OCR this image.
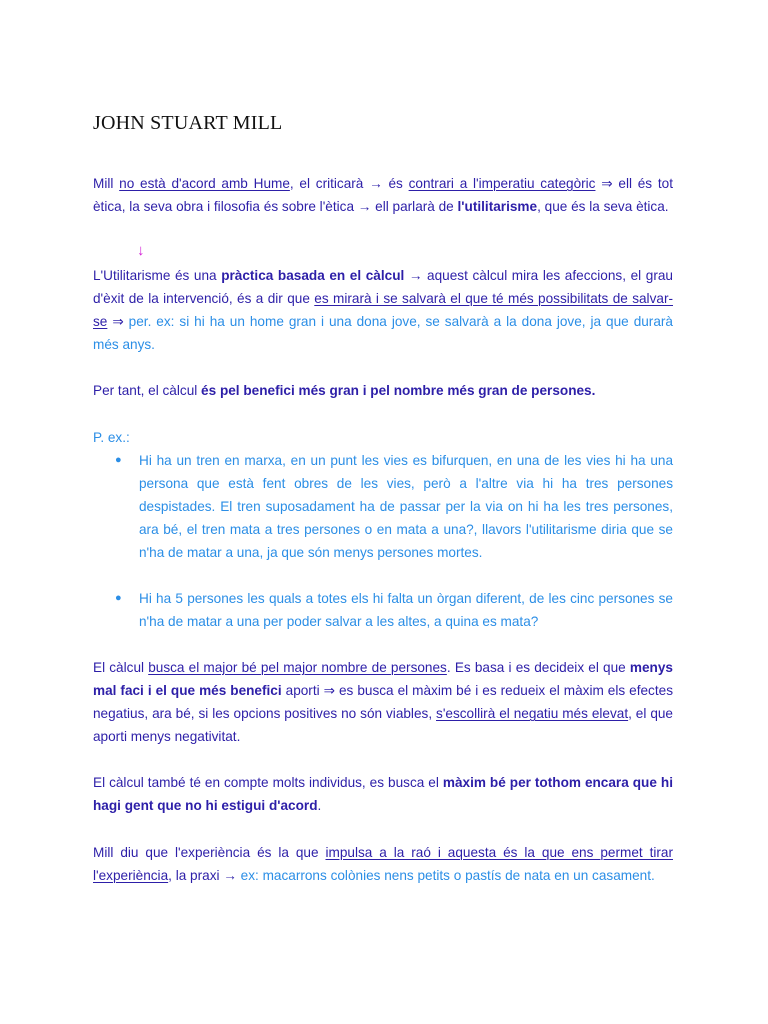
JOHN STUART MILL
Mill no està d'acord amb Hume, el criticarà → és contrari a l'imperatiu categòric ⇒ ell és tot ètica, la seva obra i filosofia és sobre l'ètica → ell parlarà de l'utilitarisme, que és la seva ètica.
↓
L'Utilitarisme és una pràctica basada en el càlcul → aquest càlcul mira les afeccions, el grau d'èxit de la intervenció, és a dir que es mirarà i se salvarà el que té més possibilitats de salvar-se ⇒ per. ex: si hi ha un home gran i una dona jove, se salvarà a la dona jove, ja que durarà més anys.
Per tant, el càlcul és pel benefici més gran i pel nombre més gran de persones.
P. ex.:
● Hi ha un tren en marxa, en un punt les vies es bifurquen, en una de les vies hi ha una persona que està fent obres de les vies, però a l'altre via hi ha tres persones despistades. El tren suposadament ha de passar per la via on hi ha les tres persones, ara bé, el tren mata a tres persones o en mata a una?, llavors l'utilitarisme diria que se n'ha de matar a una, ja que són menys persones mortes.
● Hi ha 5 persones les quals a totes els hi falta un òrgan diferent, de les cinc persones se n'ha de matar a una per poder salvar a les altes, a quina es mata?
El càlcul busca el major bé pel major nombre de persones. Es basa i es decideix el que menys mal faci i el que més benefici aporti ⇒ es busca el màxim bé i es redueix el màxim els efectes negatius, ara bé, si les opcions positives no són viables, s'escollirà el negatiu més elevat, el que aporti menys negativitat.
El càlcul també té en compte molts individus, es busca el màxim bé per tothom encara que hi hagi gent que no hi estigui d'acord.
Mill diu que l'experiència és la que impulsa a la raó i aquesta és la que ens permet tirar l'experiència, la praxi → ex: macarrons colònies nens petits o pastís de nata en un casament.
